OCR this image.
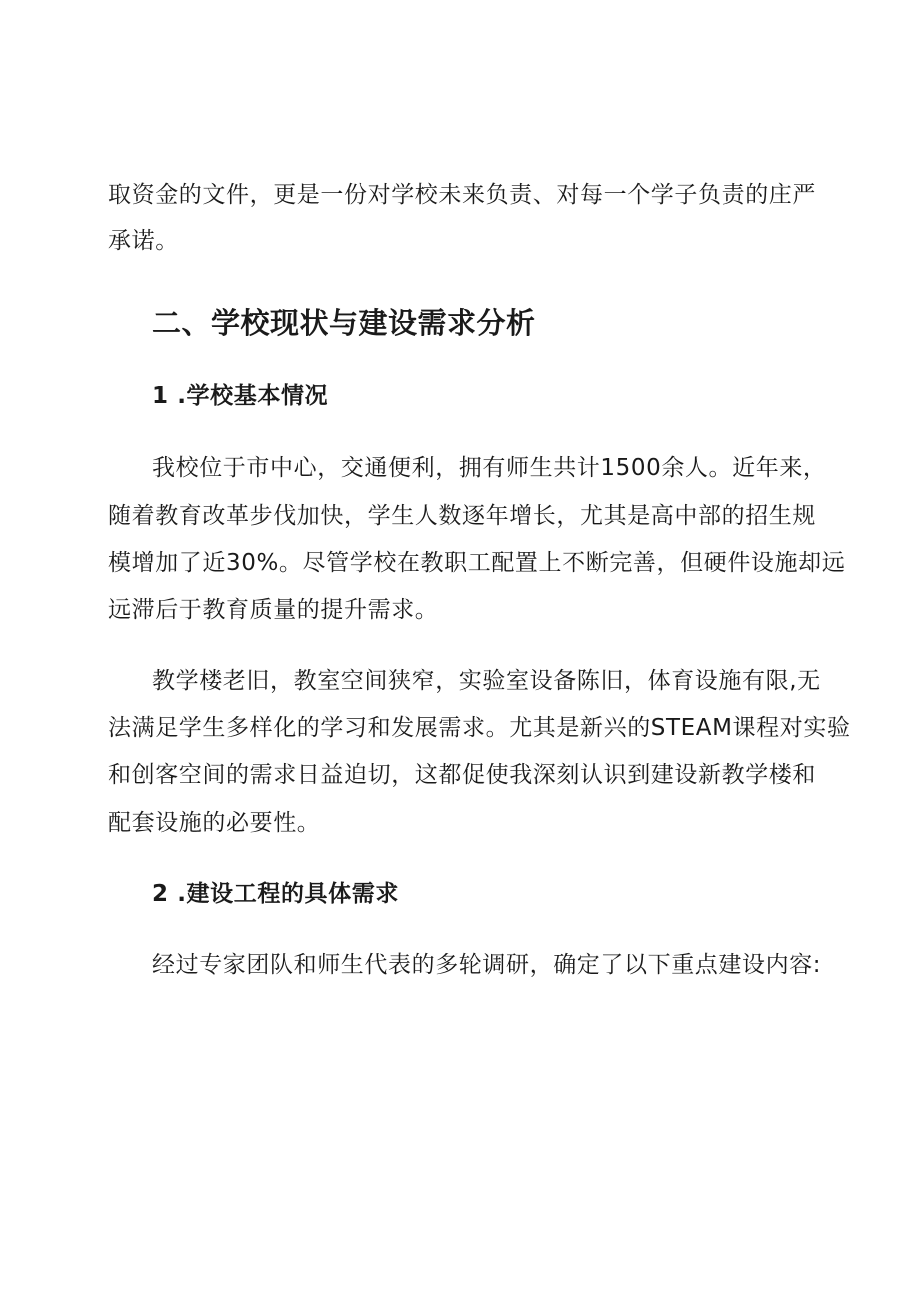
取资金的文件，更是一份对学校未来负责、对每一个学子负责的庄严
承诺。
二、学校现状与建设需求分析
1 .学校基本情况
我校位于市中心，交通便利，拥有师生共计1500余人。近年来，
随着教育改革步伐加快，学生人数逐年增长，尤其是高中部的招生规
模增加了近30%。尽管学校在教职工配置上不断完善，但硬件设施却远
远滞后于教育质量的提升需求。
教学楼老旧，教室空间狭窄，实验室设备陈旧，体育设施有限,无
法满足学生多样化的学习和发展需求。尤其是新兴的STEAM课程对实验
和创客空间的需求日益迫切，这都促使我深刻认识到建设新教学楼和
配套设施的必要性。
2 .建设工程的具体需求
经过专家团队和师生代表的多轮调研，确定了以下重点建设内容:
